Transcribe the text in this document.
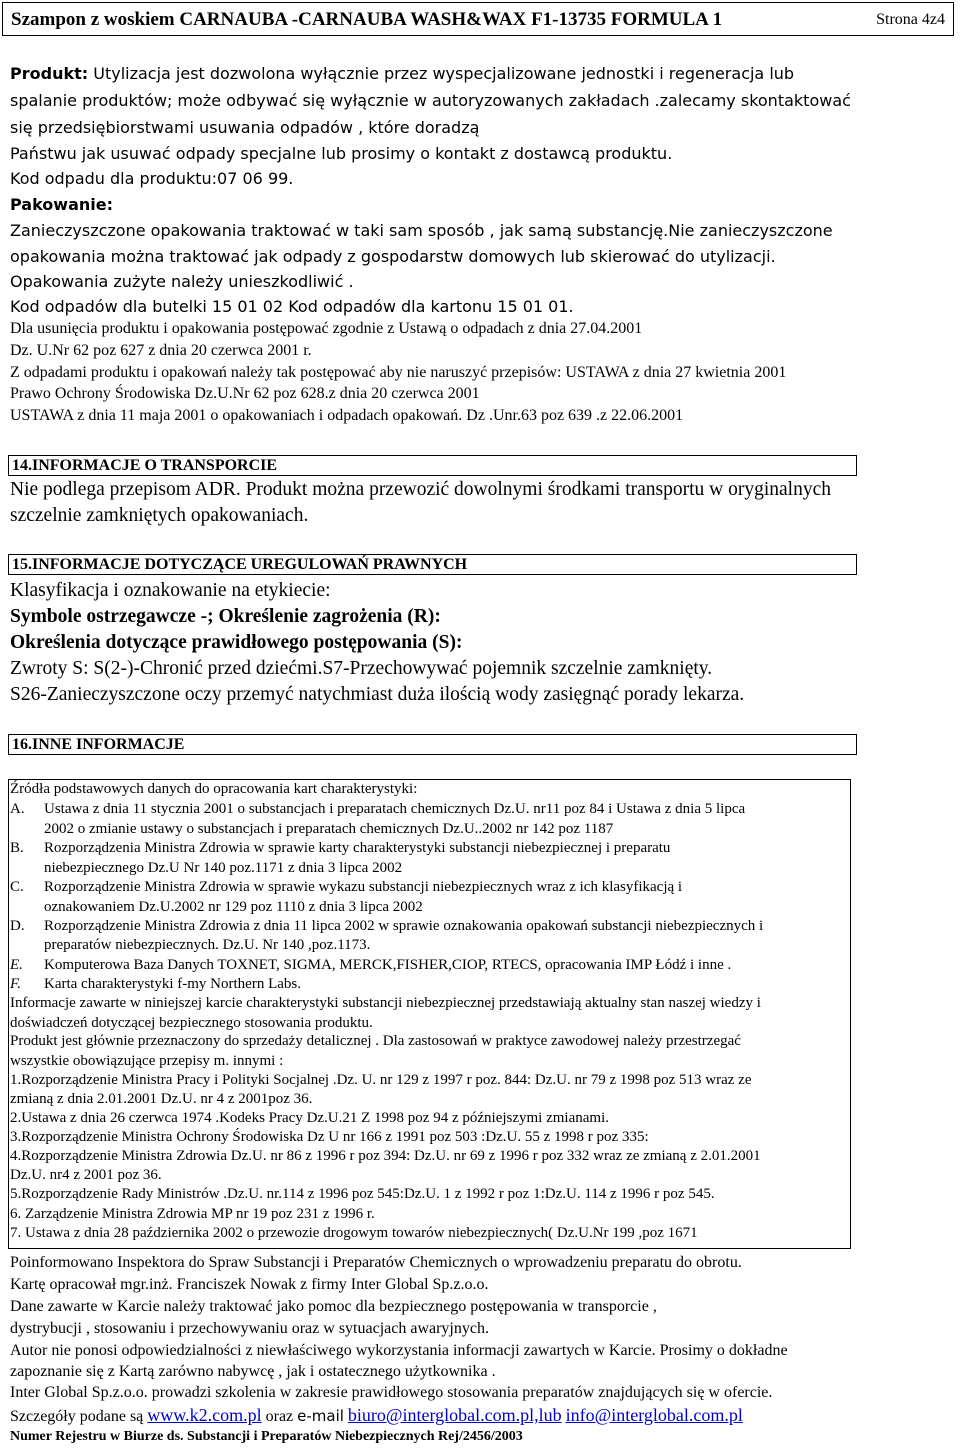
Szampon z woskiem CARNAUBA -CARNAUBA WASH&WAX F1-13735 FORMULA 1	Strona 4z4
Produkt: Utylizacja jest dozwolona wyłącznie przez wyspecjalizowane jednostki i regeneracja lub
spalanie produktów; może odbywać się wyłącznie w autoryzowanych zakładach .zalecamy skontaktować
się przedsiębiorstwami usuwania odpadów , które doradzą
Państwu jak usuwać odpady specjalne lub prosimy o kontakt z dostawcą produktu.
Kod odpadu dla produktu:07 06 99.
Pakowanie:
Zanieczyszczone opakowania traktować w taki sam sposób , jak samą substancję.Nie zanieczyszczone
opakowania można traktować jak odpady z gospodarstw domowych lub skierować do utylizacji.
Opakowania zużyte należy unieszkodliwić .
Kod odpadów dla butelki 15 01 02 Kod odpadów dla kartonu 15 01 01.
Dla usunięcia produktu i opakowania postępować zgodnie z Ustawą o odpadach z dnia 27.04.2001
Dz. U.Nr 62 poz 627 z dnia 20 czerwca 2001 r.
Z odpadami produktu i opakowań należy tak postępować aby nie naruszyć przepisów: USTAWA z dnia 27 kwietnia 2001
Prawo Ochrony Środowiska Dz.U.Nr 62 poz 628.z dnia 20 czerwca 2001
USTAWA z dnia 11 maja 2001 o opakowaniach i odpadach opakowań. Dz .Unr.63 poz 639 .z 22.06.2001
14.INFORMACJE O TRANSPORCIE
Nie podlega przepisom ADR. Produkt można przewozić dowolnymi środkami transportu w oryginalnych
szczelnie zamkniętych opakowaniach.
15.INFORMACJE DOTYCZĄCE UREGULOWAŃ PRAWNYCH
Klasyfikacja i oznakowanie na etykiecie:
Symbole ostrzegawcze -; Określenie zagrożenia (R):
Określenia dotyczące prawidłowego postępowania (S):
Zwroty S: S(2-)-Chronić przed dziećmi.S7-Przechowywać pojemnik szczelnie zamknięty.
S26-Zanieczyszczone oczy przemyć natychmiast duża ilością wody zasięgnąć porady lekarza.
16.INNE INFORMACJE
Źródła podstawowych danych do opracowania kart charakterystyki:
A. Ustawa z dnia 11 stycznia 2001 o substancjach i preparatach chemicznych Dz.U. nr11 poz 84 i Ustawa z dnia 5 lipca
2002 o zmianie ustawy o substancjach i preparatach chemicznych Dz.U..2002 nr 142 poz 1187
B. Rozporządzenia Ministra Zdrowia w sprawie karty charakterystyki substancji niebezpiecznej i preparatu
niebezpiecznego Dz.U Nr 140 poz.1171 z dnia 3 lipca 2002
C. Rozporządzenie Ministra Zdrowia w sprawie wykazu substancji niebezpiecznych wraz z ich klasyfikacją i
oznakowaniem Dz.U.2002 nr 129 poz 1110 z dnia 3 lipca 2002
D. Rozporządzenie Ministra Zdrowia z dnia 11 lipca 2002 w sprawie oznakowania opakowań substancji niebezpiecznych i
preparatów niebezpiecznych. Dz.U. Nr 140 ,poz.1173.
E. Komputerowa Baza Danych TOXNET, SIGMA, MERCK,FISHER,CIOP, RTECS, opracowania IMP Łódź i inne .
F. Karta charakterystyki f-my Northern Labs.
Informacje zawarte w niniejszej karcie charakterystyki substancji niebezpiecznej przedstawiają aktualny stan naszej wiedzy i
doświadczeń dotyczącej bezpiecznego stosowania produktu.
Produkt jest głównie przeznaczony do sprzedaży detalicznej . Dla zastosowań w praktyce zawodowej należy przestrzegać
wszystkie obowiązujące przepisy m. innymi :
1.Rozporządzenie Ministra Pracy i Polityki Socjalnej .Dz. U. nr 129 z 1997 r poz. 844: Dz.U. nr 79 z 1998 poz 513 wraz ze
zmianą z dnia 2.01.2001 Dz.U. nr 4 z 2001poz 36.
2.Ustawa z dnia 26 czerwca 1974 .Kodeks Pracy Dz.U.21 Z 1998 poz 94 z późniejszymi zmianami.
3.Rozporządzenie Ministra Ochrony Środowiska Dz U nr 166 z 1991 poz 503 :Dz.U. 55 z 1998 r poz 335:
4.Rozporządzenie Ministra Zdrowia Dz.U. nr 86 z 1996 r poz 394: Dz.U. nr 69 z 1996 r poz 332 wraz ze zmianą z 2.01.2001
Dz.U. nr4 z 2001 poz 36.
5.Rozporządzenie Rady Ministrów .Dz.U. nr.114 z 1996 poz 545:Dz.U. 1 z 1992 r poz 1:Dz.U. 114 z 1996 r poz 545.
6. Zarządzenie Ministra Zdrowia MP nr 19 poz 231 z 1996 r.
7. Ustawa z dnia 28 października 2002 o przewozie drogowym towarów niebezpiecznych( Dz.U.Nr 199 ,poz 1671
Poinformowano Inspektora do Spraw Substancji i Preparatów Chemicznych o wprowadzeniu preparatu do obrotu.
Kartę opracował mgr.inż. Franciszek Nowak z firmy Inter Global Sp.z.o.o.
Dane zawarte w Karcie należy traktować jako pomoc dla bezpiecznego postępowania w transporcie ,
dystrybucji , stosowaniu i przechowywaniu oraz w sytuacjach awaryjnych.
Autor nie ponosi odpowiedzialności z niewłaściwego wykorzystania informacji zawartych w Karcie. Prosimy o dokładne
zapoznanie się z Kartą zarówno nabywcę , jak i ostatecznego użytkownika .
Inter Global Sp.z.o.o. prowadzi szkolenia w zakresie prawidłowego stosowania preparatów znajdujących się w ofercie.
Szczegóły podane są www.k2.com.pl oraz e-mail biuro@interglobal.com.pl,lub info@interglobal.com.pl
Numer Rejestru w Biurze ds. Substancji i Preparatów Niebezpiecznych Rej/2456/2003
